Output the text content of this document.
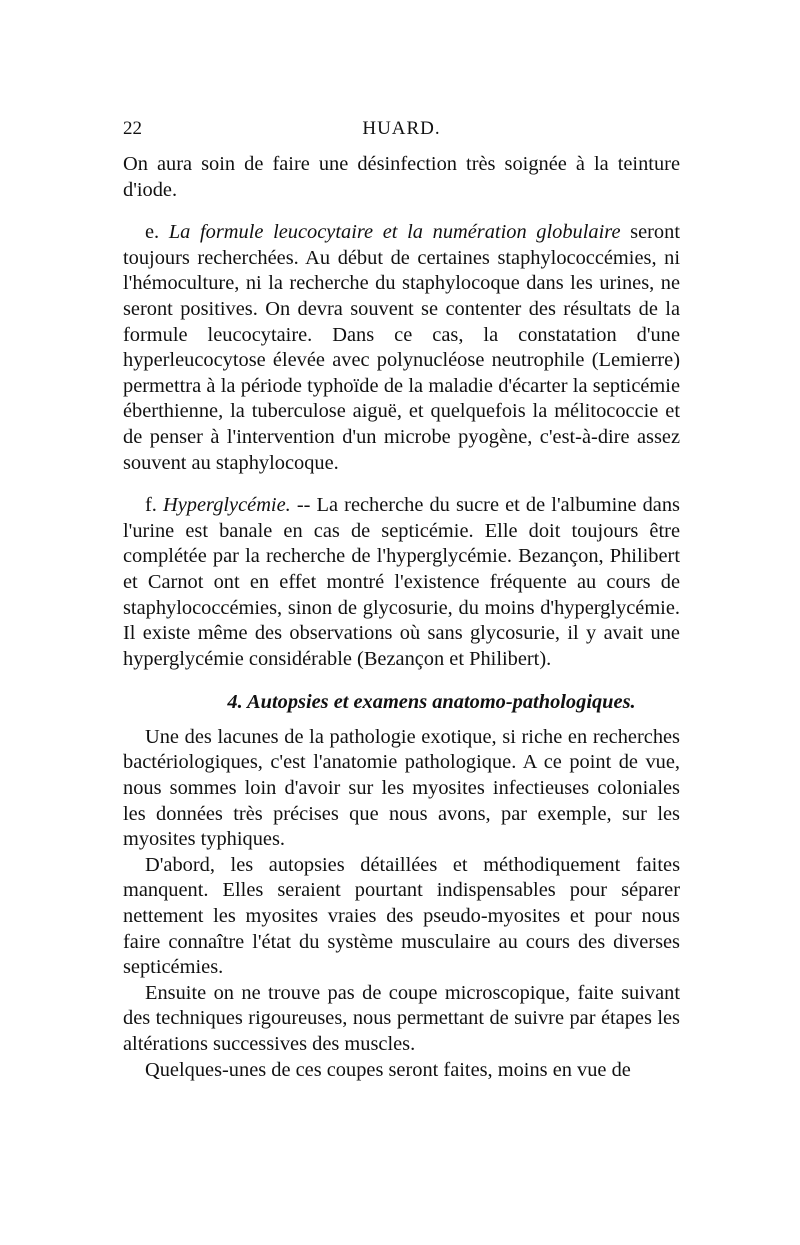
22	HUARD.

On aura soin de faire une désinfection très soignée à la teinture d'iode.

e. La formule leucocytaire et la numération globulaire seront toujours recherchées. Au début de certaines staphylococcémies, ni l'hémoculture, ni la recherche du staphylocoque dans les urines, ne seront positives. On devra souvent se contenter des résultats de la formule leucocytaire. Dans ce cas, la constatation d'une hyperleucocytose élevée avec polynucléose neutrophile (Lemierre) permettra à la période typhoïde de la maladie d'écarter la septicémie éberthienne, la tuberculose aiguë, et quelquefois la mélitococcie et de penser à l'intervention d'un microbe pyogène, c'est-à-dire assez souvent au staphylocoque.

f. Hyperglycémie. -- La recherche du sucre et de l'albumine dans l'urine est banale en cas de septicémie. Elle doit toujours être complétée par la recherche de l'hyperglycémie. Bezançon, Philibert et Carnot ont en effet montré l'existence fréquente au cours de staphylococcémies, sinon de glycosurie, du moins d'hyperglycémie. Il existe même des observations où sans glycosurie, il y avait une hyperglycémie considérable (Bezançon et Philibert).

4. Autopsies et examens anatomo-pathologiques.

Une des lacunes de la pathologie exotique, si riche en recherches bactériologiques, c'est l'anatomie pathologique. A ce point de vue, nous sommes loin d'avoir sur les myosites infectieuses coloniales les données très précises que nous avons, par exemple, sur les myosites typhiques.

D'abord, les autopsies détaillées et méthodiquement faites manquent. Elles seraient pourtant indispensables pour séparer nettement les myosites vraies des pseudo-myosites et pour nous faire connaître l'état du système musculaire au cours des diverses septicémies.

Ensuite on ne trouve pas de coupe microscopique, faite suivant des techniques rigoureuses, nous permettant de suivre par étapes les altérations successives des muscles.

Quelques-unes de ces coupes seront faites, moins en vue de
